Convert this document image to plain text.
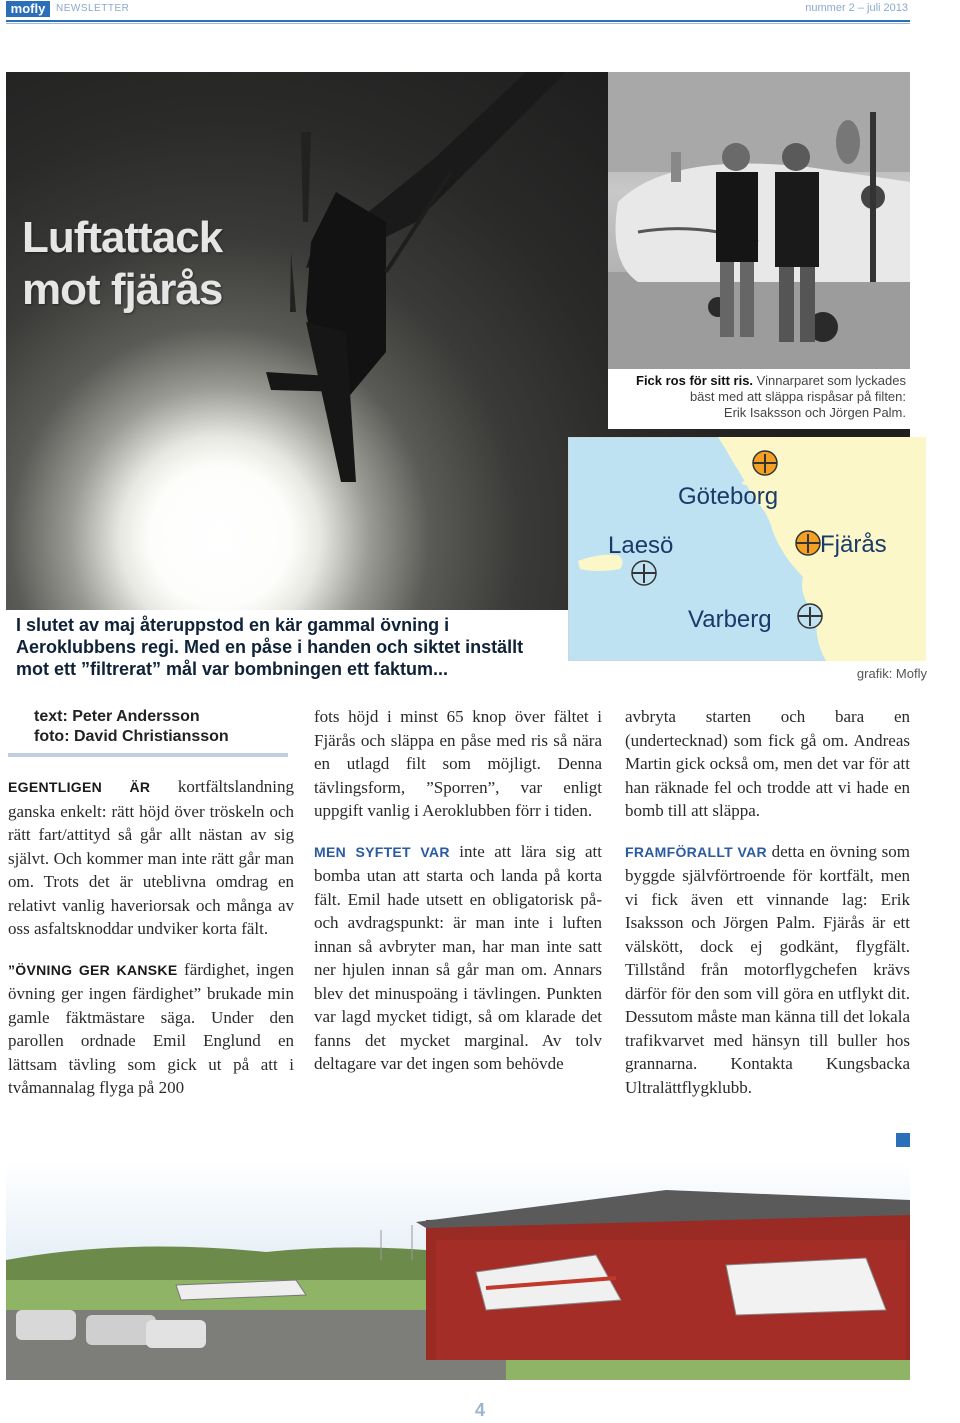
mofly	NEWSLETTER	nummer 2 – juli 2013
Luftattack
mot fjärås
Fick ros för sitt ris. Vinnarparet som lyckades
bäst med att släppa rispåsar på filten:
Erik Isaksson och Jörgen Palm.

I slutet av maj återuppstod en kär gammal övning i Aeroklubbens regi. Med en påse i handen och siktet inställt mot ett ”filtrerat” mål var bombningen ett faktum...

Göteborg
Laesö	Fjärås
Varberg
grafik: Mofly
text: Peter Andersson
foto: David Christiansson

EGENTLIGEN ÄR kortfältslandning ganska enkelt: rätt höjd över tröskeln och rätt fart/attityd så går allt nästan av sig självt. Och kommer man inte rätt går man om. Trots det är uteblivna omdrag en relativt vanlig haveriorsak och många av oss asfaltsknoddar undviker korta fält.

”ÖVNING GER KANSKE färdighet, ingen övning ger ingen färdighet” brukade min gamle fäktmästare säga. Under den parollen ordnade Emil Englund en lättsam tävling som gick ut på att i tvåmannalag flyga på 200

fots höjd i minst 65 knop över fältet i Fjärås och släppa en påse med ris så nära en utlagd filt som möjligt. Denna tävlingsform, ”Sporren”, var enligt uppgift vanlig i Aeroklubben förr i tiden.

MEN SYFTET VAR inte att lära sig att bomba utan att starta och landa på korta fält. Emil hade utsett en obligatorisk på- och avdragspunkt: är man inte i luften innan så avbryter man, har man inte satt ner hjulen innan så går man om. Annars blev det minuspoäng i tävlingen. Punkten var lagd mycket tidigt, så om klarade det fanns det mycket marginal. Av tolv deltagare var det ingen som behövde

avbryta starten och bara en (undertecknad) som fick gå om. Andreas Martin gick också om, men det var för att han räknade fel och trodde att vi hade en bomb till att släppa.

FRAMFÖRALLT VAR detta en övning som byggde självförtroende för kortfält, men vi fick även ett vinnande lag: Erik Isaksson och Jörgen Palm. Fjärås är ett välskött, dock ej godkänt, flygfält. Tillstånd från motorflygchefen krävs därför för den som vill göra en utflykt dit. Dessutom måste man känna till det lokala trafikvarvet med hänsyn till buller hos grannarna. Kontakta Kungsbacka Ultralättflygklubb.

4
